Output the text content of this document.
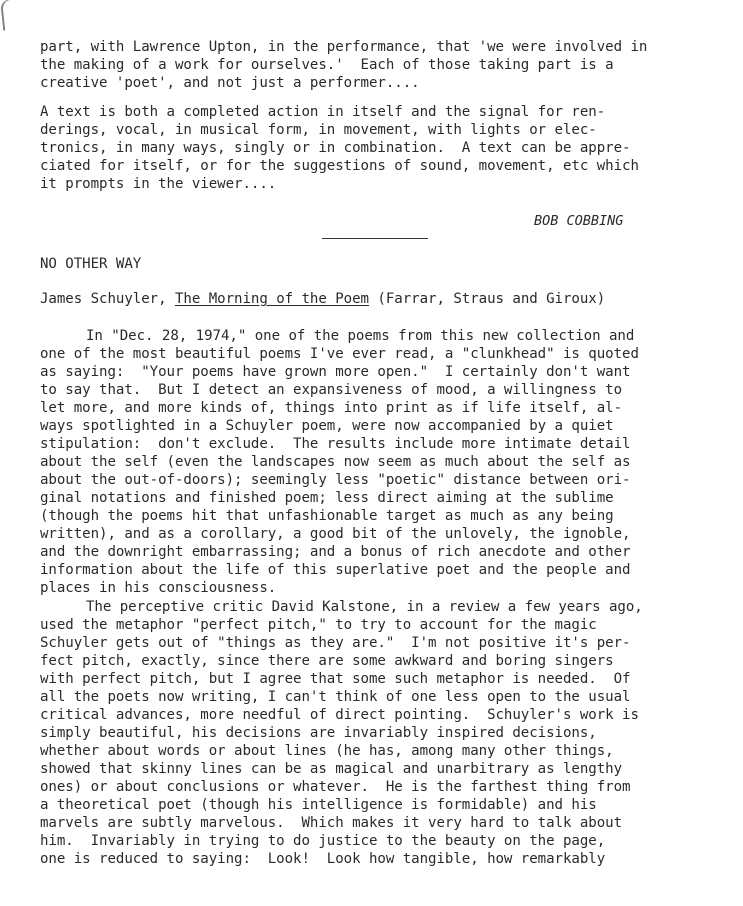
part, with Lawrence Upton, in the performance, that 'we were involved in

the making of a work for ourselves.'  Each of those taking part is a

creative 'poet', and not just a performer....

A text is both a completed action in itself and the signal for ren-

derings, vocal, in musical form, in movement, with lights or elec-

tronics, in many ways, singly or in combination.  A text can be appre-

ciated for itself, or for the suggestions of sound, movement, etc which

it prompts in the viewer....

BOB COBBING

NO OTHER WAY

James Schuyler, The Morning of the Poem (Farrar, Straus and Giroux)

In "Dec. 28, 1974," one of the poems from this new collection and

one of the most beautiful poems I've ever read, a "clunkhead" is quoted

as saying:  "Your poems have grown more open."  I certainly don't want

to say that.  But I detect an expansiveness of mood, a willingness to

let more, and more kinds of, things into print as if life itself, al-

ways spotlighted in a Schuyler poem, were now accompanied by a quiet

stipulation:  don't exclude.  The results include more intimate detail

about the self (even the landscapes now seem as much about the self as

about the out-of-doors); seemingly less "poetic" distance between ori-

ginal notations and finished poem; less direct aiming at the sublime

(though the poems hit that unfashionable target as much as any being

written), and as a corollary, a good bit of the unlovely, the ignoble,

and the downright embarrassing; and a bonus of rich anecdote and other

information about the life of this superlative poet and the people and

places in his consciousness.

The perceptive critic David Kalstone, in a review a few years ago,

used the metaphor "perfect pitch," to try to account for the magic

Schuyler gets out of "things as they are."  I'm not positive it's per-

fect pitch, exactly, since there are some awkward and boring singers

with perfect pitch, but I agree that some such metaphor is needed.  Of

all the poets now writing, I can't think of one less open to the usual

critical advances, more needful of direct pointing.  Schuyler's work is

simply beautiful, his decisions are invariably inspired decisions,

whether about words or about lines (he has, among many other things,

showed that skinny lines can be as magical and unarbitrary as lengthy

ones) or about conclusions or whatever.  He is the farthest thing from

a theoretical poet (though his intelligence is formidable) and his

marvels are subtly marvelous.  Which makes it very hard to talk about

him.  Invariably in trying to do justice to the beauty on the page,

one is reduced to saying:  Look!  Look how tangible, how remarkably
